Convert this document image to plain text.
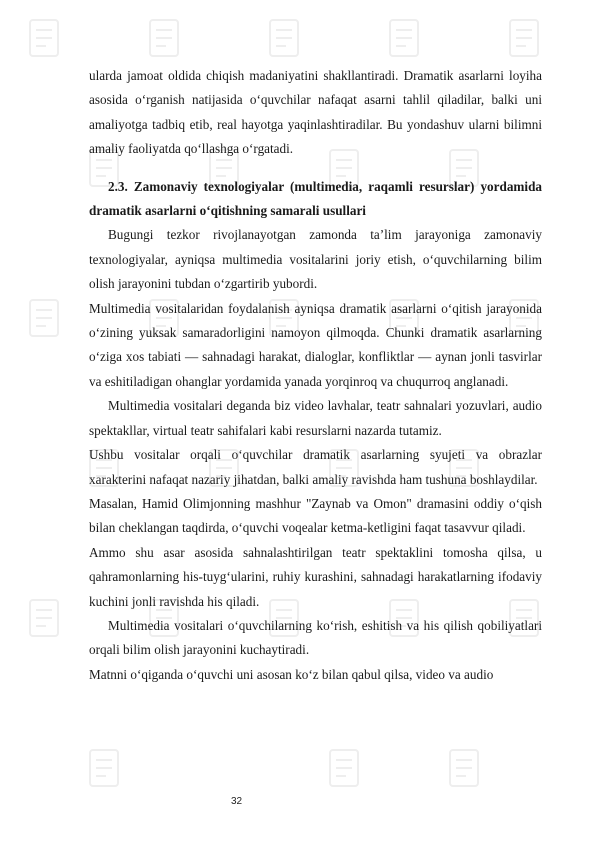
ularda jamoat oldida chiqish madaniyatini shakllantiradi. Dramatik asarlarni loyiha asosida o‘rganish natijasida o‘quvchilar nafaqat asarni tahlil qiladilar, balki uni amaliyotga tadbiq etib, real hayotga yaqinlashtiradilar. Bu yondashuv ularni bilimni amaliy faoliyatda qo‘llashga o‘rgatadi.

2.3. Zamonaviy texnologiyalar (multimedia, raqamli resurslar) yordamida dramatik asarlarni o‘qitishning samarali usullari

Bugungi tezkor rivojlanayotgan zamonda ta’lim jarayoniga zamonaviy texnologiyalar, ayniqsa multimedia vositalarini joriy etish, o‘quvchilarning bilim olish jarayonini tubdan o‘zgartirib yubordi.

Multimedia vositalaridan foydalanish ayniqsa dramatik asarlarni o‘qitish jarayonida o‘zining yuksak samaradorligini namoyon qilmoqda. Chunki dramatik asarlarning o‘ziga xos tabiati — sahnadagi harakat, dialoglar, konfliktlar — aynan jonli tasvirlar va eshitiladigan ohanglar yordamida yanada yorqinroq va chuqurroq anglanadi.

Multimedia vositalari deganda biz video lavhalar, teatr sahnalari yozuvlari, audio spektakllar, virtual teatr sahifalari kabi resurslarni nazarda tutamiz.

Ushbu vositalar orqali o‘quvchilar dramatik asarlarning syujeti va obrazlar xarakterini nafaqat nazariy jihatdan, balki amaliy ravishda ham tushuna boshlaydilar.

Masalan, Hamid Olimjonning mashhur "Zaynab va Omon" dramasini oddiy o‘qish bilan cheklangan taqdirda, o‘quvchi voqealar ketma-ketligini faqat tasavvur qiladi.

Ammo shu asar asosida sahnalashtirilgan teatr spektaklini tomosha qilsa, u qahramonlarning his-tuyg‘ularini, ruhiy kurashini, sahnadagi harakatlarning ifodaviy kuchini jonli ravishda his qiladi.

Multimedia vositalari o‘quvchilarning ko‘rish, eshitish va his qilish qobiliyatlari orqali bilim olish jarayonini kuchaytiradi.

Matnni o‘qiganda o‘quvchi uni asosan ko‘z bilan qabul qilsa, video va audio

32
